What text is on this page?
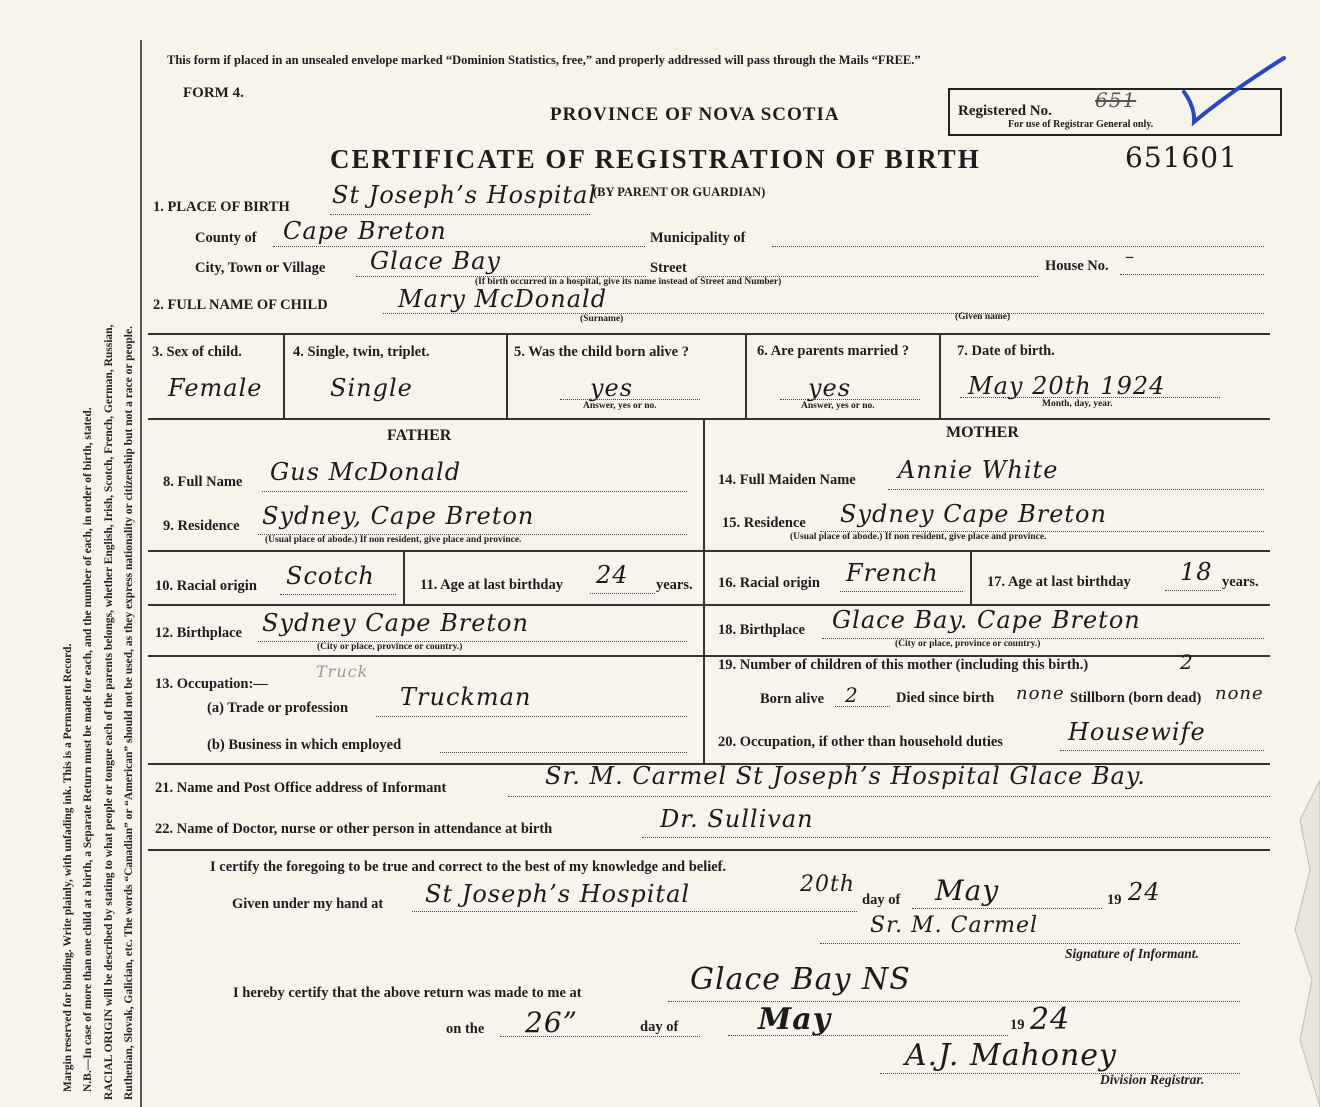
Margin reserved for binding. Write plainly, with unfading ink. This is a Permanent Record. N.B.—In case of more than one child at a birth, a Separate Return must be made for each, and the number of each, in order of birth, stated. RACIAL ORIGIN will be described by stating to what people or tongue each of the parents belongs, whether English, Irish, Scotch, French, German, Russian, Ruthenian, Slovak, Galician, etc. The words “Canadian” or “American” should not be used, as they express nationality or citizenship but not a race or people.
This form if placed in an unsealed envelope marked “Dominion Statistics, free,” and properly addressed will pass through the Mails “FREE.”
FORM 4.
PROVINCE OF NOVA SCOTIA	Registered No. 651
For use of Registrar General only.
CERTIFICATE OF REGISTRATION OF BIRTH	651601
1. PLACE OF BIRTH St Joseph’s Hospital
(BY PARENT OR GUARDIAN)
County of Cape Breton	Municipality of
City, Town or Village Glace Bay	Street
(If birth occurred in a hospital, give its name instead of Street and Number)
House No. –
2. FULL NAME OF CHILD	Mary McDonald
(Surname)	(Given name)
3. Sex of child.
Female
4. Single, twin, triplet.
Single
5. Was the child born alive ?
yes
Answer, yes or no.
6. Are parents married ?
yes
Answer, yes or no.
7. Date of birth.
May 20th 1924
Month, day, year.
FATHER	MOTHER
8. Full Name Gus McDonald
9. Residence Sydney, Cape Breton
(Usual place of abode.) If non resident, give place and province.
10. Racial origin Scotch	11. Age at last birthday 24 years.
12. Birthplace Sydney Cape Breton
(City or place, province or country.)
13. Occupation:—
Truck
(a) Trade or profession Truckman
(b) Business in which employed
14. Full Maiden Name Annie White
15. Residence Sydney Cape Breton
(Usual place of abode.) If non resident, give place and province.
16. Racial origin French	17. Age at last birthday 18 years.
18. Birthplace Glace Bay. Cape Breton
(City or place, province or country.)
19. Number of children of this mother (including this birth.)	2
Born alive 2	Died since birth none Stillborn (born dead) none
20. Occupation, if other than household duties	Housewife
21. Name and Post Office address of Informant	Sr. M. Carmel St Joseph’s Hospital Glace Bay.
22. Name of Doctor, nurse or other person in attendance at birth	Dr. Sullivan
I certify the foregoing to be true and correct to the best of my knowledge and belief.
Given under my hand at St Joseph’s Hospital	20th
day of May	19 24
Sr. M. Carmel
Signature of Informant.
I hereby certify that the above return was made to me at	Glace Bay NS
on the 26”	day of	May	19 24
A.J. Mahoney
Division Registrar.
